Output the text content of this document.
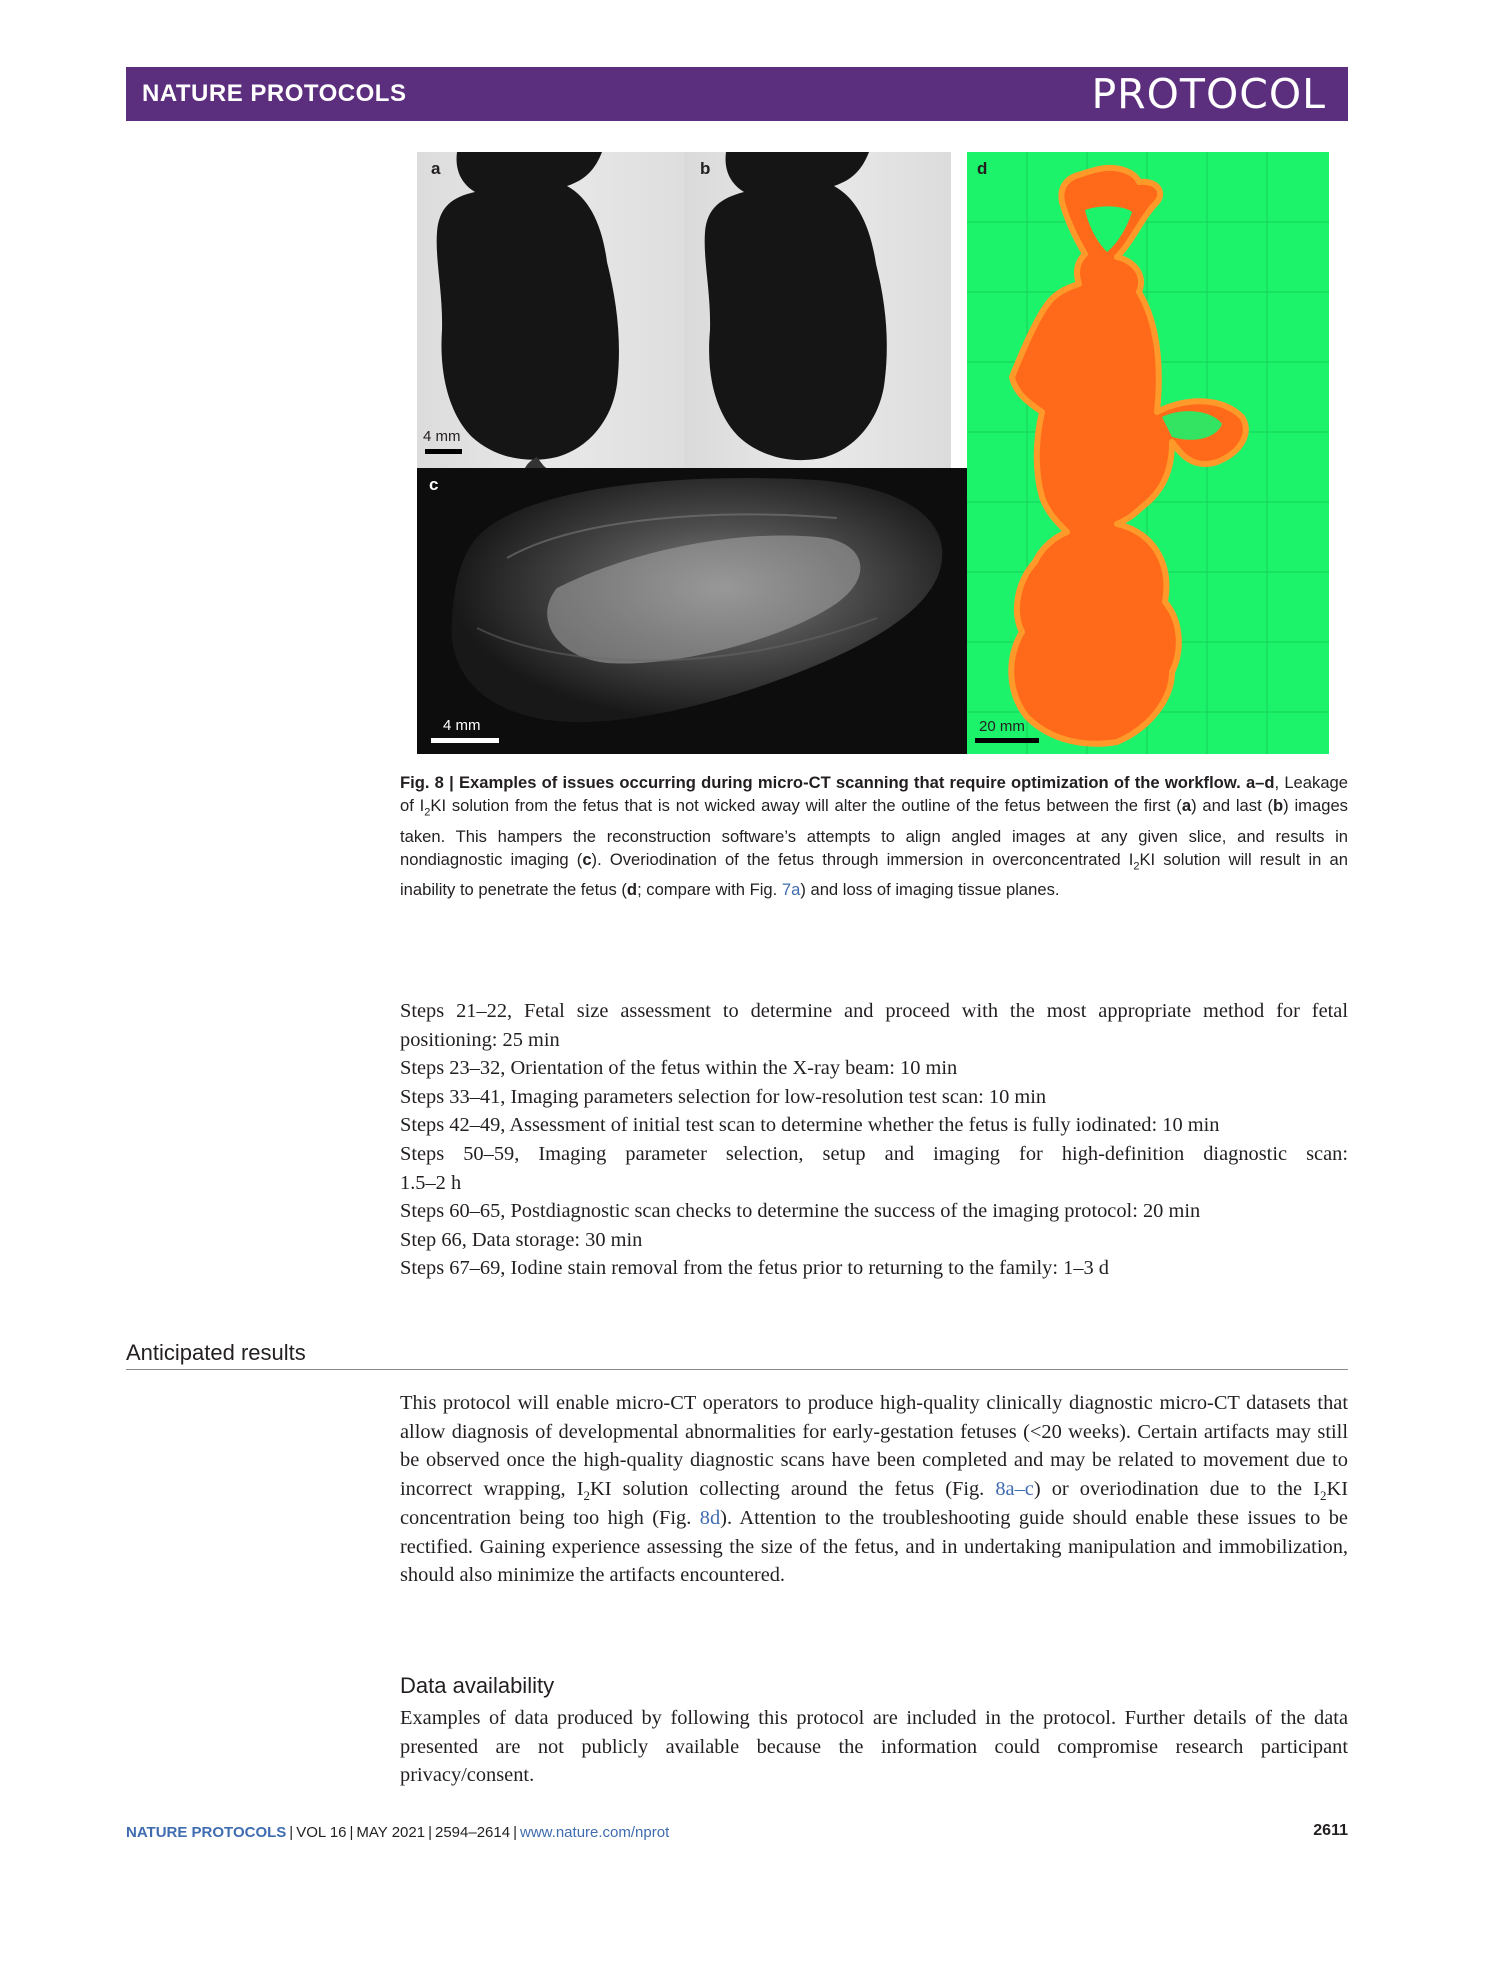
NATURE PROTOCOLS	PROTOCOL
a
4 mm
b
c
4 mm
d
20 mm
Fig. 8 | Examples of issues occurring during micro-CT scanning that require optimization of the workflow. a–d, Leakage of $I_2KI$ solution from the fetus that is not wicked away will alter the outline of the fetus between the first (a) and last (b) images taken. This hampers the reconstruction software’s attempts to align angled images at any given slice, and results in nondiagnostic imaging (c). Overiodination of the fetus through immersion in overconcentrated $I_2KI$ solution will result in an inability to penetrate the fetus (d; compare with Fig. 7a) and loss of imaging tissue planes.

Steps 21–22, Fetal size assessment to determine and proceed with the most appropriate method for fetal

positioning: 25 min

Steps 23–32, Orientation of the fetus within the X-ray beam: 10 min

Steps 33–41, Imaging parameters selection for low-resolution test scan: 10 min

Steps 42–49, Assessment of initial test scan to determine whether the fetus is fully iodinated: 10 min

Steps 50–59, Imaging parameter selection, setup and imaging for high-definition diagnostic scan:

1.5–2 h

Steps 60–65, Postdiagnostic scan checks to determine the success of the imaging protocol: 20 min

Step 66, Data storage: 30 min

Steps 67–69, Iodine stain removal from the fetus prior to returning to the family: 1–3 d

Anticipated results

This protocol will enable micro-CT operators to produce high-quality clinically diagnostic micro-CT datasets that allow diagnosis of developmental abnormalities for early-gestation fetuses (<20 weeks). Certain artifacts may still be observed once the high-quality diagnostic scans have been completed and may be related to movement due to incorrect wrapping, $I_2KI$ solution collecting around the fetus (Fig. 8a–c) or overiodination due to the $I_2KI$ concentration being too high (Fig. 8d). Attention to the troubleshooting guide should enable these issues to be rectified. Gaining experience assessing the size of the fetus, and in undertaking manipulation and immobilization, should also minimize the artifacts encountered.

Data availability

Examples of data produced by following this protocol are included in the protocol. Further details of the data presented are not publicly available because the information could compromise research participant privacy/consent.

NATURE PROTOCOLS | VOL 16 | MAY 2021 | 2594–2614 | www.nature.com/nprot	2611
